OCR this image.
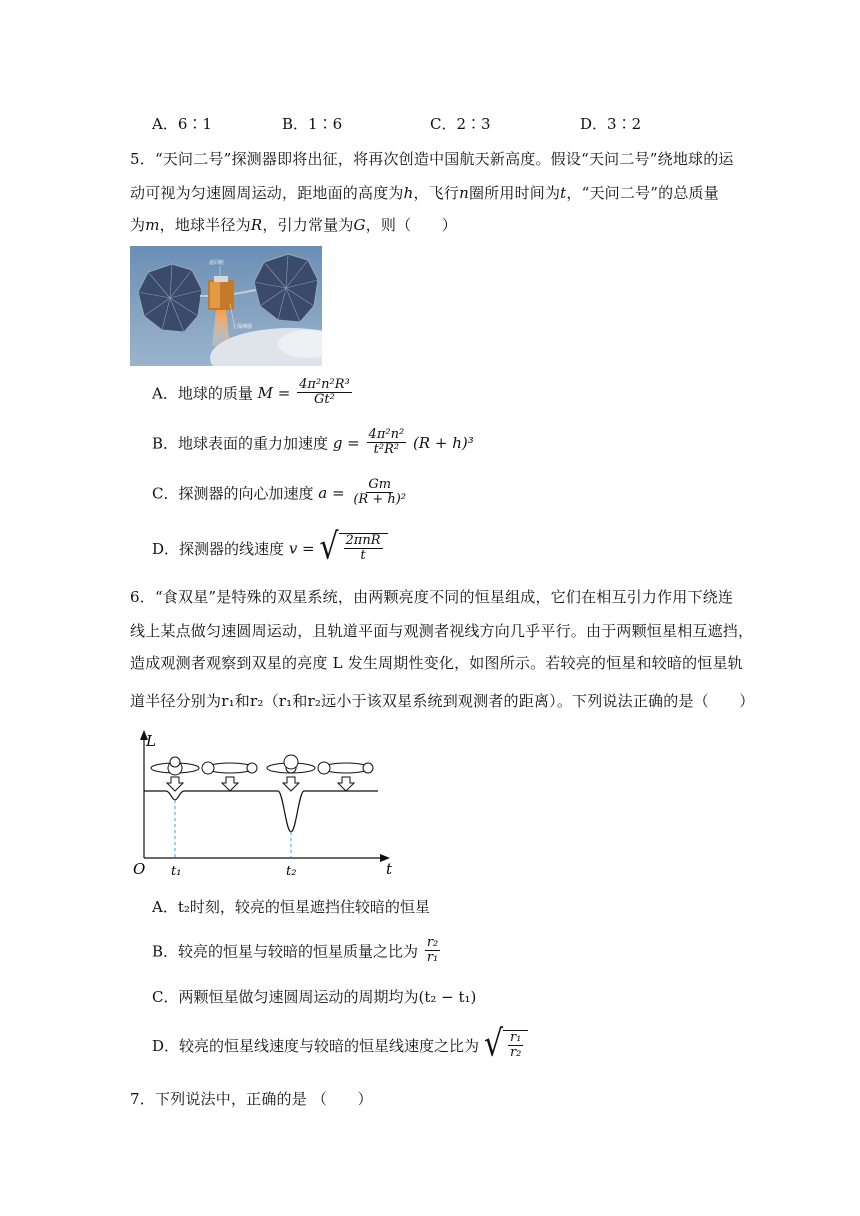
A．6∶1	B．1∶6	C．2∶3	D．3∶2
5．“天问二号”探测器即将出征，将再次创造中国航天新高度。假设“天问二号”绕地球的运
动可视为匀速圆周运动，距地面的高度为h，飞行n圈所用时间为t，“天问二号”的总质量
为m，地球半径为R，引力常量为G，则（　　）
返回舱
主探测器
A．地球的质量 $M = \frac{\text{4π²n²R³}}{\text{Gt²}}$
B．地球表面的重力加速度 $g = \frac{\text{4π²n²}}{\text{t²R²}} (R + h)^3$
C．探测器的向心加速度 $a = \frac{Gm}{\text{(R + h)²}}$
D．探测器的线速度 v = √ $\frac{\text{2πnR}}{t}$
6．“食双星”是特殊的双星系统，由两颗亮度不同的恒星组成，它们在相互引力作用下绕连
线上某点做匀速圆周运动，且轨道平面与观测者视线方向几乎平行。由于两颗恒星相互遮挡，
造成观测者观察到双星的亮度 L 发生周期性变化，如图所示。若较亮的恒星和较暗的恒星轨
道半径分别为r₁和r₂（r₁和r₂远小于该双星系统到观测者的距离）。下列说法正确的是（　　）
L
t
O t₁	t₂
A．t₂时刻，较亮的恒星遮挡住较暗的恒星
B．较亮的恒星与较暗的恒星质量之比为 $\frac{\text{r₂}}{\text{r₁}}$
C．两颗恒星做匀速圆周运动的周期均为(t₂ − t₁)
D．较亮的恒星线速度与较暗的恒星线速度之比为 √ $\frac{\text{r₁}}{\text{r₂}}$
7．下列说法中，正确的是 （　　）
